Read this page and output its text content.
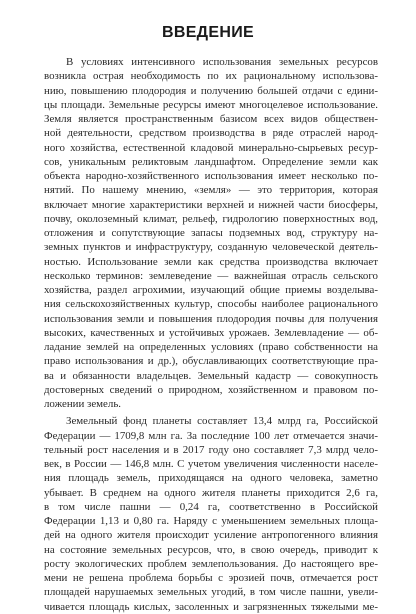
ВВЕДЕНИЕ
В условиях интенсивного использования земельных ресурсов
возникла острая необходимость по их рациональному использова-
нию, повышению плодородия и получению большей отдачи с едини-
цы площади. Земельные ресурсы имеют многоцелевое использование.
Земля является пространственным базисом всех видов обществен-
ной деятельности, средством производства в ряде отраслей народ-
ного хозяйства, естественной кладовой минерально-сырьевых ресур-
сов, уникальным реликтовым ландшафтом. Определение земли как
объекта народно-хозяйственного использования имеет несколько по-
нятий. По нашему мнению, «земля» — это территория, которая
включает многие характеристики верхней и нижней части биосферы,
почву, околоземный климат, рельеф, гидрологию поверхностных вод,
отложения и сопутствующие запасы подземных вод, структуру на-
земных пунктов и инфраструктуру, созданную человеческой деятель-
ностью. Использование земли как средства производства включает
несколько терминов: землеведение — важнейшая отрасль сельского
хозяйства, раздел агрохимии, изучающий общие приемы возделыва-
ния сельскохозяйственных культур, способы наиболее рационального
использования земли и повышения плодородия почвы для получения
высоких, качественных и устойчивых урожаев. Землевладение — об-
ладание землей на определенных условиях (право собственности на
право использования и др.), обуславливающих соответствующие пра-
ва и обязанности владельцев. Земельный кадастр — совокупность
достоверных сведений о природном, хозяйственном и правовом по-
ложении земель.
Земельный фонд планеты составляет 13,4 млрд га, Российской
Федерации — 1709,8 млн га. За последние 100 лет отмечается значи-
тельный рост населения и в 2017 году оно составляет 7,3 млрд чело-
век, в России — 146,8 млн. С учетом увеличения численности населе-
ния площадь земель, приходящаяся на одного человека, заметно
убывает. В среднем на одного жителя планеты приходится 2,6 га,
в том числе пашни — 0,24 га, соответственно в Российской
Федерации 1,13 и 0,80 га. Наряду с уменьшением земельных площа-
дей на одного жителя происходит усиление антропогенного влияния
на состояние земельных ресурсов, что, в свою очередь, приводит к
росту экологических проблем землепользования. До настоящего вре-
мени не решена проблема борьбы с эрозией почв, отмечается рост
площадей нарушаемых земельных угодий, в том числе пашни, увели-
чивается площадь кислых, засоленных и загрязненных тяжелыми ме-
